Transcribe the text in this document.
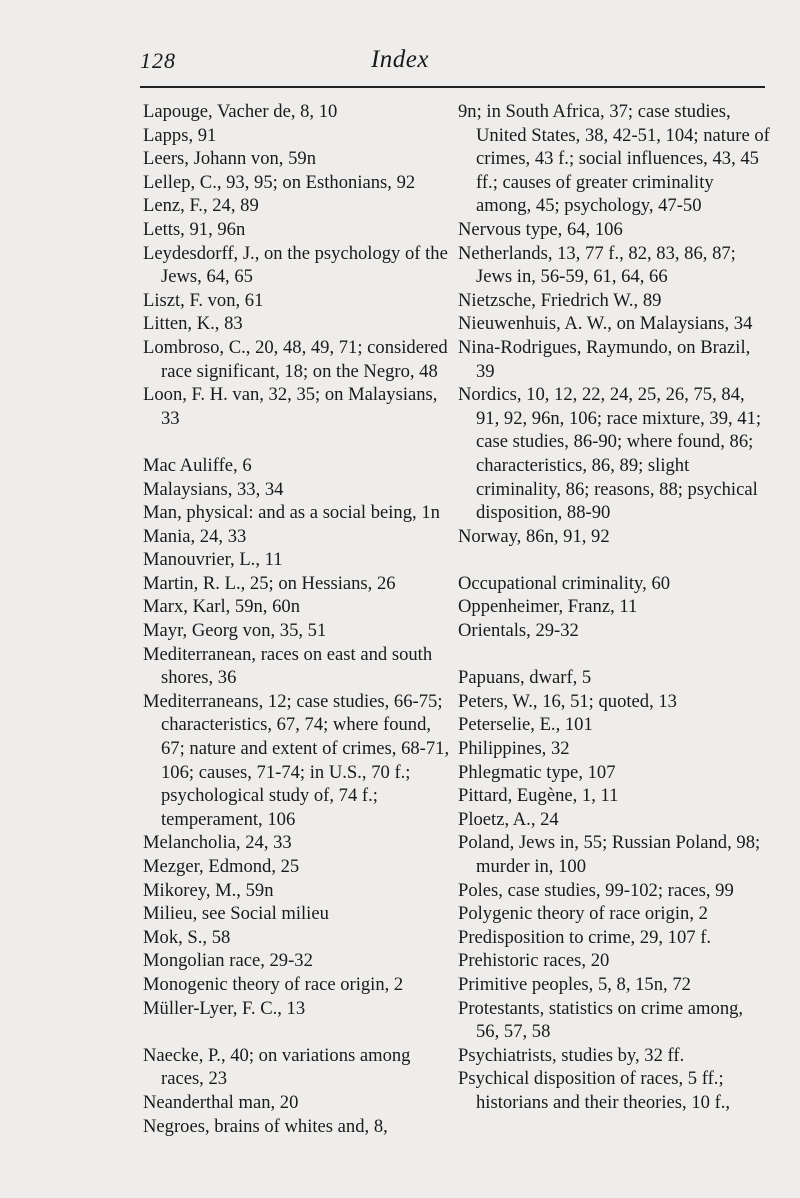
128	Index
Lapouge, Vacher de, 8, 10
Lapps, 91
Leers, Johann von, 59n
Lellep, C., 93, 95; on Esthonians, 92
Lenz, F., 24, 89
Letts, 91, 96n
Leydesdorff, J., on the psychology of the Jews, 64, 65
Liszt, F. von, 61
Litten, K., 83
Lombroso, C., 20, 48, 49, 71; considered race significant, 18; on the Negro, 48
Loon, F. H. van, 32, 35; on Malaysians, 33
Mac Auliffe, 6
Malaysians, 33, 34
Man, physical: and as a social being, 1n
Mania, 24, 33
Manouvrier, L., 11
Martin, R. L., 25; on Hessians, 26
Marx, Karl, 59n, 60n
Mayr, Georg von, 35, 51
Mediterranean, races on east and south shores, 36
Mediterraneans, 12; case studies, 66-75; characteristics, 67, 74; where found, 67; nature and extent of crimes, 68-71, 106; causes, 71-74; in U.S., 70 f.; psychological study of, 74 f.; temperament, 106
Melancholia, 24, 33
Mezger, Edmond, 25
Mikorey, M., 59n
Milieu, see Social milieu
Mok, S., 58
Mongolian race, 29-32
Monogenic theory of race origin, 2
Müller-Lyer, F. C., 13
Naecke, P., 40; on variations among races, 23
Neanderthal man, 20
Negroes, brains of whites and, 8,
9n; in South Africa, 37; case studies, United States, 38, 42-51, 104; nature of crimes, 43 f.; social influences, 43, 45 ff.; causes of greater criminality among, 45; psychology, 47-50
Nervous type, 64, 106
Netherlands, 13, 77 f., 82, 83, 86, 87; Jews in, 56-59, 61, 64, 66
Nietzsche, Friedrich W., 89
Nieuwenhuis, A. W., on Malaysians, 34
Nina-Rodrigues, Raymundo, on Brazil, 39
Nordics, 10, 12, 22, 24, 25, 26, 75, 84, 91, 92, 96n, 106; race mixture, 39, 41; case studies, 86-90; where found, 86; characteristics, 86, 89; slight criminality, 86; reasons, 88; psychical disposition, 88-90
Norway, 86n, 91, 92
Occupational criminality, 60
Oppenheimer, Franz, 11
Orientals, 29-32
Papuans, dwarf, 5
Peters, W., 16, 51; quoted, 13
Peterselie, E., 101
Philippines, 32
Phlegmatic type, 107
Pittard, Eugène, 1, 11
Ploetz, A., 24
Poland, Jews in, 55; Russian Poland, 98; murder in, 100
Poles, case studies, 99-102; races, 99
Polygenic theory of race origin, 2
Predisposition to crime, 29, 107 f.
Prehistoric races, 20
Primitive peoples, 5, 8, 15n, 72
Protestants, statistics on crime among, 56, 57, 58
Psychiatrists, studies by, 32 ff.
Psychical disposition of races, 5 ff.; historians and their theories, 10 f.,
